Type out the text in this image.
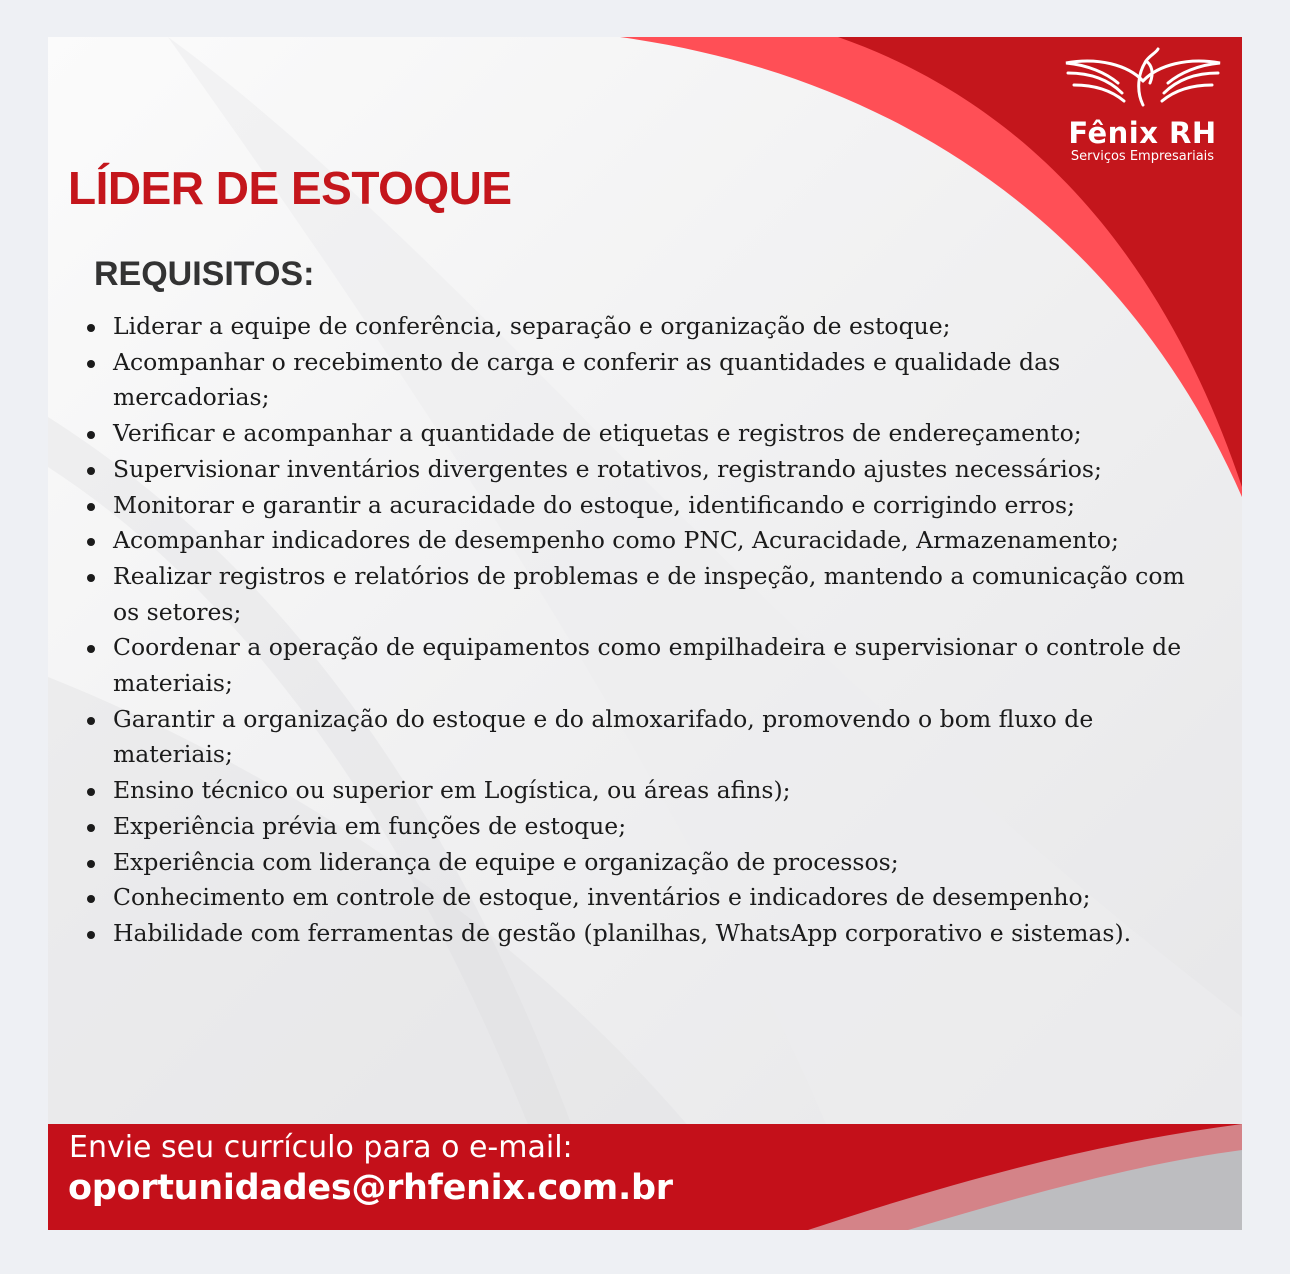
Fênix RH
Serviços Empresariais
LÍDER DE ESTOQUE
REQUISITOS:
Liderar a equipe de conferência, separação e organização de estoque;
Acompanhar o recebimento de carga e conferir as quantidades e qualidade das mercadorias;
Verificar e acompanhar a quantidade de etiquetas e registros de endereçamento;
Supervisionar inventários divergentes e rotativos, registrando ajustes necessários;
Monitorar e garantir a acuracidade do estoque, identificando e corrigindo erros;
Acompanhar indicadores de desempenho como PNC, Acuracidade, Armazenamento;
Realizar registros e relatórios de problemas e de inspeção, mantendo a comunicação com os setores;
Coordenar a operação de equipamentos como empilhadeira e supervisionar o controle de materiais;
Garantir a organização do estoque e do almoxarifado, promovendo o bom fluxo de materiais;
Ensino técnico ou superior em Logística, ou áreas afins);
Experiência prévia em funções de estoque;
Experiência com liderança de equipe e organização de processos;
Conhecimento em controle de estoque, inventários e indicadores de desempenho;
Habilidade com ferramentas de gestão (planilhas, WhatsApp corporativo e sistemas).
Envie seu currículo para o e-mail:
oportunidades@rhfenix.com.br
